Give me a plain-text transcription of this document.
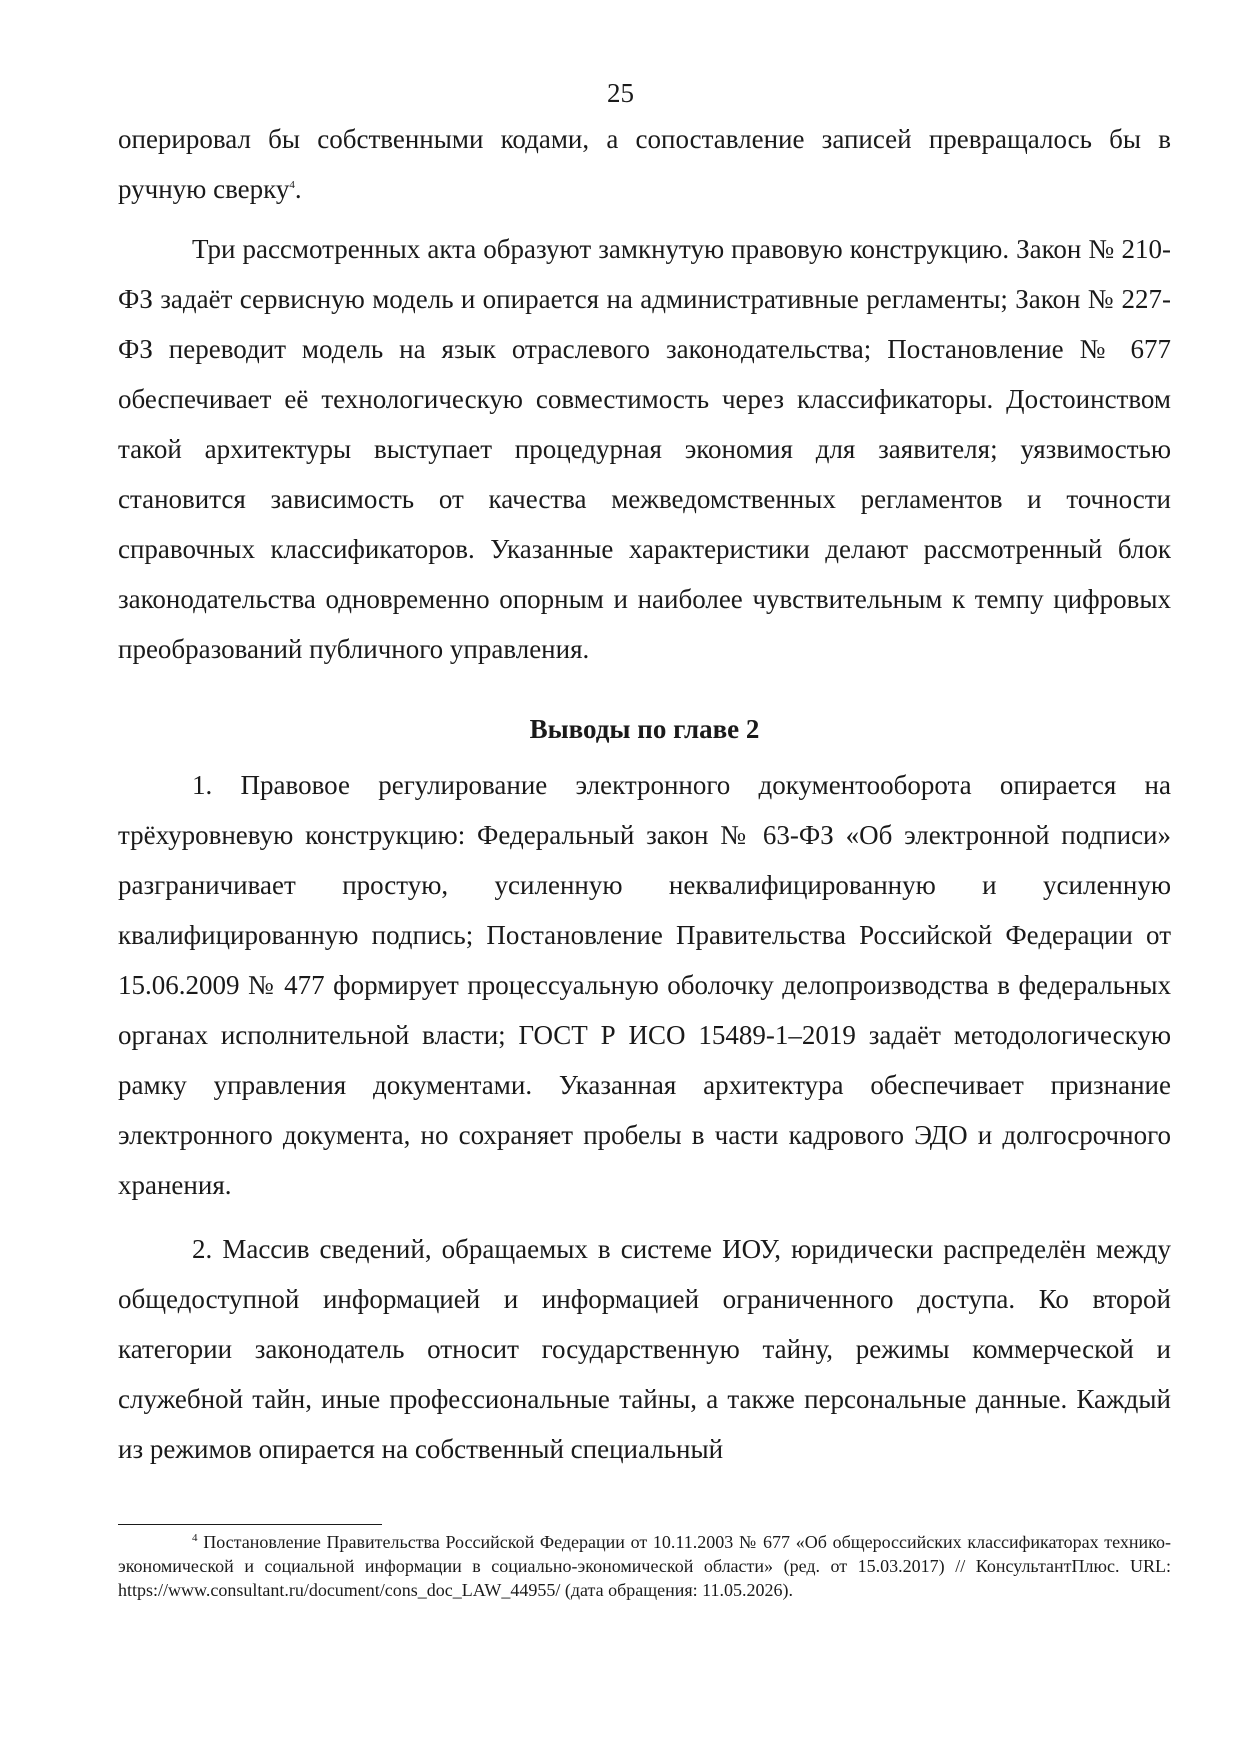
25

оперировал бы собственными кодами, а сопоставление записей превращалось бы в ручную сверку$^4$.

Три рассмотренных акта образуют замкнутую правовую конструкцию. Закон № 210-ФЗ задаёт сервисную модель и опирается на административные регламенты; Закон № 227-ФЗ переводит модель на язык отраслевого законодательства; Постановление № 677 обеспечивает её технологическую совместимость через классификаторы. Достоинством такой архитектуры выступает процедурная экономия для заявителя; уязвимостью становится зависимость от качества межведомственных регламентов и точности справочных классификаторов. Указанные характеристики делают рассмотренный блок законодательства одновременно опорным и наиболее чувствительным к темпу цифровых преобразований публичного управления.

Выводы по главе 2

1. Правовое регулирование электронного документооборота опирается на трёхуровневую конструкцию: Федеральный закон № 63-ФЗ «Об электронной подписи» разграничивает простую, усиленную неквалифицированную и усиленную квалифицированную подпись; Постановление Правительства Российской Федерации от 15.06.2009 № 477 формирует процессуальную оболочку делопроизводства в федеральных органах исполнительной власти; ГОСТ Р ИСО 15489-1–2019 задаёт методологическую рамку управления документами. Указанная архитектура обеспечивает признание электронного документа, но сохраняет пробелы в части кадрового ЭДО и долгосрочного хранения.

2. Массив сведений, обращаемых в системе ИОУ, юридически распределён между общедоступной информацией и информацией ограниченного доступа. Ко второй категории законодатель относит государственную тайну, режимы коммерческой и служебной тайн, иные профессиональные тайны, а также персональные данные. Каждый из режимов опирается на собственный специальный

$^4$ Постановление Правительства Российской Федерации от 10.11.2003 № 677 «Об общероссийских классификаторах технико-экономической и социальной информации в социально-экономической области» (ред. от 15.03.2017) // КонсультантПлюс. URL: https://www.consultant.ru/document/cons_doc_LAW_44955/ (дата обращения: 11.05.2026).
